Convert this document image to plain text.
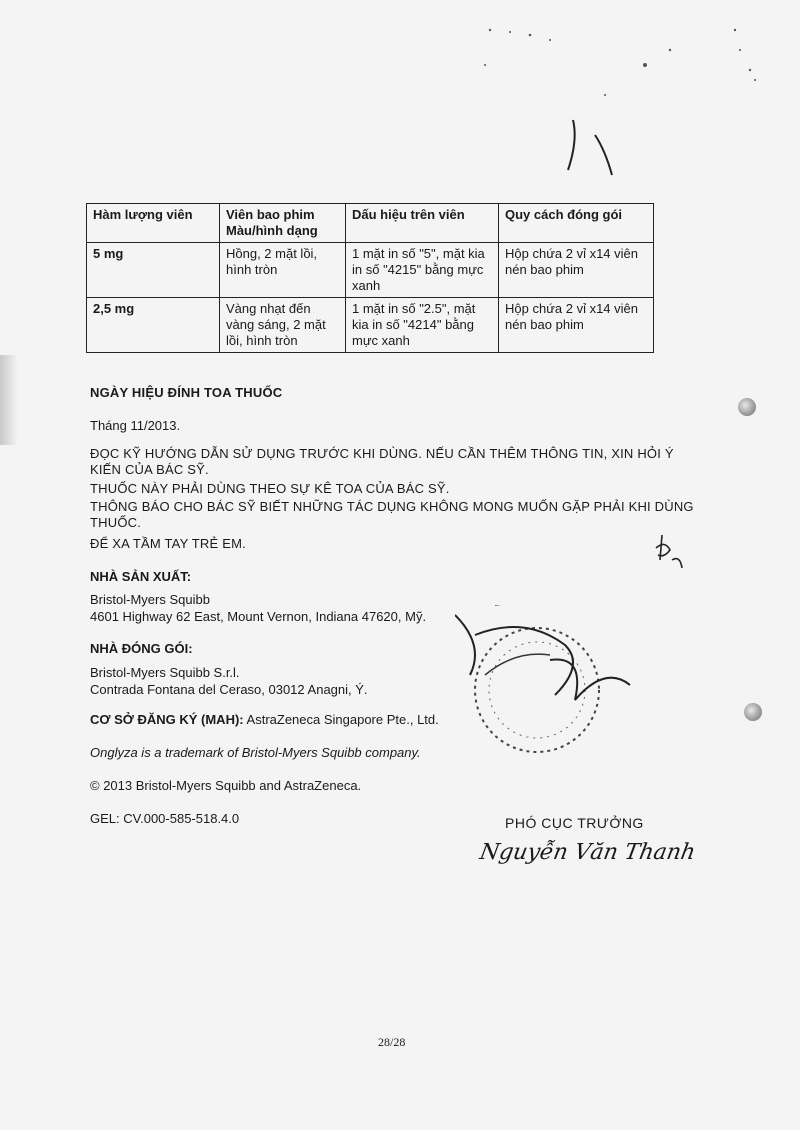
Hàm lượng viên	Viên bao phim Màu/hình dạng	Dấu hiệu trên viên	Quy cách đóng gói
5 mg	Hồng, 2 mặt lồi, hình tròn	1 mặt in số "5", mặt kia in số "4215" bằng mực xanh	Hộp chứa 2 vỉ x14 viên nén bao phim
2,5 mg	Vàng nhạt đến vàng sáng, 2 mặt lồi, hình tròn	1 mặt in số "2.5", mặt kia in số "4214" bằng mực xanh	Hộp chứa 2 vỉ x14 viên nén bao phim
NGÀY HIỆU ĐÍNH TOA THUỐC
Tháng 11/2013.
ĐỌC KỸ HƯỚNG DẪN SỬ DỤNG TRƯỚC KHI DÙNG. NẾU CẦN THÊM THÔNG TIN, XIN HỎI Ý KIẾN CỦA BÁC SỸ.
THUỐC NÀY PHẢI DÙNG THEO SỰ KÊ TOA CỦA BÁC SỸ.
THÔNG BÁO CHO BÁC SỸ BIẾT NHỮNG TÁC DỤNG KHÔNG MONG MUỐN GẶP PHẢI KHI DÙNG THUỐC.
ĐỂ XA TẦM TAY TRẺ EM.
NHÀ SẢN XUẤT:
Bristol-Myers Squibb
4601 Highway 62 East, Mount Vernon, Indiana 47620, Mỹ.
NHÀ ĐÓNG GÓI:
Bristol-Myers Squibb S.r.l.
Contrada Fontana del Ceraso, 03012 Anagni, Ý.
CƠ SỞ ĐĂNG KÝ (MAH): AstraZeneca Singapore Pte., Ltd.
Onglyza is a trademark of Bristol-Myers Squibb company.
© 2013 Bristol-Myers Squibb and AstraZeneca.
GEL: CV.000-585-518.4.0	PHÓ CỤC TRƯỞNG
Nguyễn Văn Thanh
28/28
